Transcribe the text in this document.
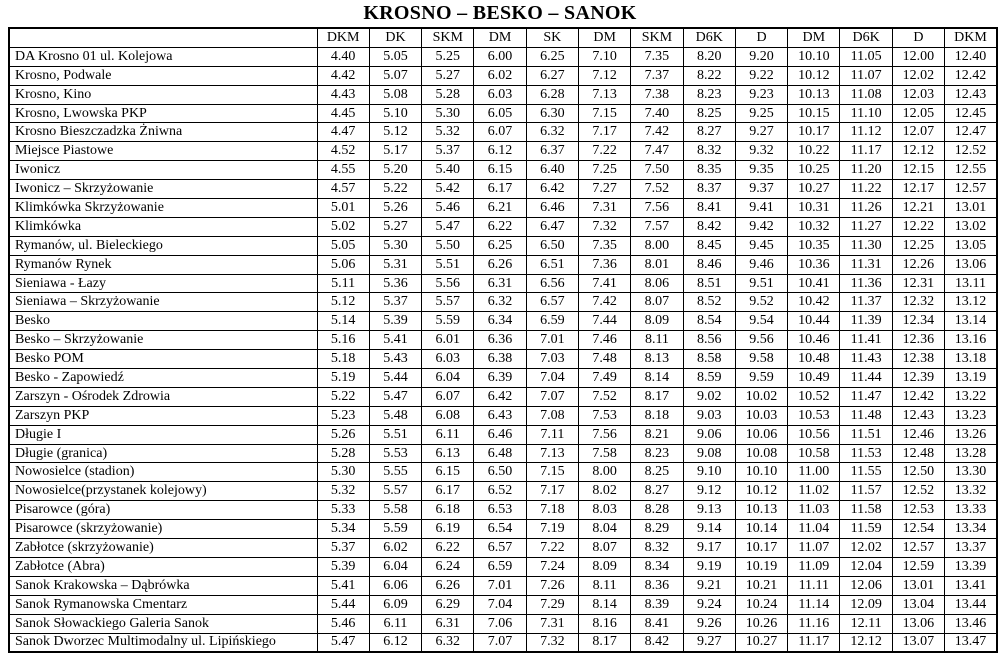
KROSNO – BESKO – SANOK
	DKM	DK	SKM	DM	SK	DM	SKM	D6K	D	DM	D6K	D	DKM
DA Krosno 01 ul. Kolejowa	4.40	5.05	5.25	6.00	6.25	7.10	7.35	8.20	9.20	10.10	11.05	12.00	12.40
Krosno, Podwale	4.42	5.07	5.27	6.02	6.27	7.12	7.37	8.22	9.22	10.12	11.07	12.02	12.42
Krosno, Kino	4.43	5.08	5.28	6.03	6.28	7.13	7.38	8.23	9.23	10.13	11.08	12.03	12.43
Krosno, Lwowska PKP	4.45	5.10	5.30	6.05	6.30	7.15	7.40	8.25	9.25	10.15	11.10	12.05	12.45
Krosno Bieszczadzka Żniwna	4.47	5.12	5.32	6.07	6.32	7.17	7.42	8.27	9.27	10.17	11.12	12.07	12.47
Miejsce Piastowe	4.52	5.17	5.37	6.12	6.37	7.22	7.47	8.32	9.32	10.22	11.17	12.12	12.52
Iwonicz	4.55	5.20	5.40	6.15	6.40	7.25	7.50	8.35	9.35	10.25	11.20	12.15	12.55
Iwonicz – Skrzyżowanie	4.57	5.22	5.42	6.17	6.42	7.27	7.52	8.37	9.37	10.27	11.22	12.17	12.57
Klimkówka Skrzyżowanie	5.01	5.26	5.46	6.21	6.46	7.31	7.56	8.41	9.41	10.31	11.26	12.21	13.01
Klimkówka	5.02	5.27	5.47	6.22	6.47	7.32	7.57	8.42	9.42	10.32	11.27	12.22	13.02
Rymanów, ul. Bieleckiego	5.05	5.30	5.50	6.25	6.50	7.35	8.00	8.45	9.45	10.35	11.30	12.25	13.05
Rymanów Rynek	5.06	5.31	5.51	6.26	6.51	7.36	8.01	8.46	9.46	10.36	11.31	12.26	13.06
Sieniawa - Łazy	5.11	5.36	5.56	6.31	6.56	7.41	8.06	8.51	9.51	10.41	11.36	12.31	13.11
Sieniawa – Skrzyżowanie	5.12	5.37	5.57	6.32	6.57	7.42	8.07	8.52	9.52	10.42	11.37	12.32	13.12
Besko	5.14	5.39	5.59	6.34	6.59	7.44	8.09	8.54	9.54	10.44	11.39	12.34	13.14
Besko – Skrzyżowanie	5.16	5.41	6.01	6.36	7.01	7.46	8.11	8.56	9.56	10.46	11.41	12.36	13.16
Besko POM	5.18	5.43	6.03	6.38	7.03	7.48	8.13	8.58	9.58	10.48	11.43	12.38	13.18
Besko - Zapowiedź	5.19	5.44	6.04	6.39	7.04	7.49	8.14	8.59	9.59	10.49	11.44	12.39	13.19
Zarszyn - Ośrodek Zdrowia	5.22	5.47	6.07	6.42	7.07	7.52	8.17	9.02	10.02	10.52	11.47	12.42	13.22
Zarszyn PKP	5.23	5.48	6.08	6.43	7.08	7.53	8.18	9.03	10.03	10.53	11.48	12.43	13.23
Długie I	5.26	5.51	6.11	6.46	7.11	7.56	8.21	9.06	10.06	10.56	11.51	12.46	13.26
Długie (granica)	5.28	5.53	6.13	6.48	7.13	7.58	8.23	9.08	10.08	10.58	11.53	12.48	13.28
Nowosielce (stadion)	5.30	5.55	6.15	6.50	7.15	8.00	8.25	9.10	10.10	11.00	11.55	12.50	13.30
Nowosielce(przystanek kolejowy)	5.32	5.57	6.17	6.52	7.17	8.02	8.27	9.12	10.12	11.02	11.57	12.52	13.32
Pisarowce (góra)	5.33	5.58	6.18	6.53	7.18	8.03	8.28	9.13	10.13	11.03	11.58	12.53	13.33
Pisarowce (skrzyżowanie)	5.34	5.59	6.19	6.54	7.19	8.04	8.29	9.14	10.14	11.04	11.59	12.54	13.34
Zabłotce (skrzyżowanie)	5.37	6.02	6.22	6.57	7.22	8.07	8.32	9.17	10.17	11.07	12.02	12.57	13.37
Zabłotce (Abra)	5.39	6.04	6.24	6.59	7.24	8.09	8.34	9.19	10.19	11.09	12.04	12.59	13.39
Sanok Krakowska – Dąbrówka	5.41	6.06	6.26	7.01	7.26	8.11	8.36	9.21	10.21	11.11	12.06	13.01	13.41
Sanok Rymanowska Cmentarz	5.44	6.09	6.29	7.04	7.29	8.14	8.39	9.24	10.24	11.14	12.09	13.04	13.44
Sanok Słowackiego Galeria Sanok	5.46	6.11	6.31	7.06	7.31	8.16	8.41	9.26	10.26	11.16	12.11	13.06	13.46
Sanok Dworzec Multimodalny ul. Lipińskiego	5.47	6.12	6.32	7.07	7.32	8.17	8.42	9.27	10.27	11.17	12.12	13.07	13.47
